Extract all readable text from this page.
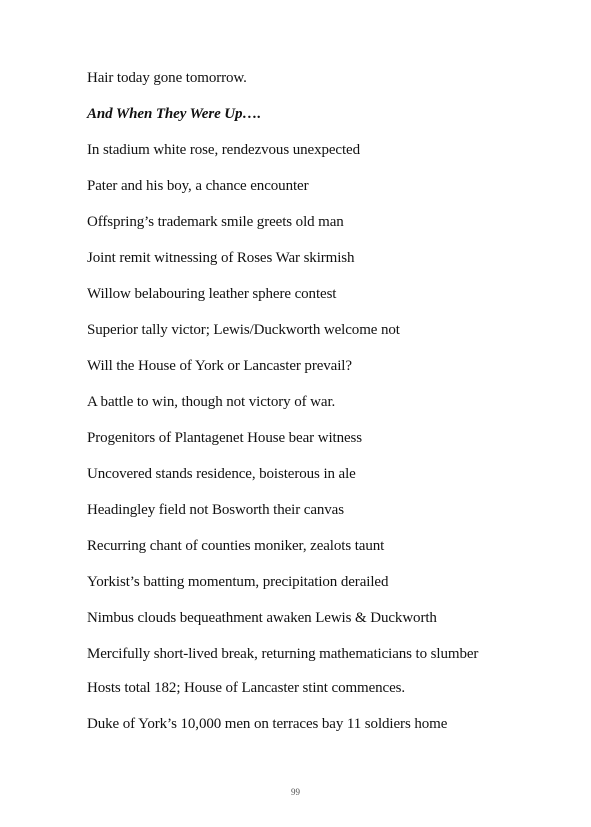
Hair today gone tomorrow.

And When They Were Up….

In stadium white rose, rendezvous unexpected

Pater and his boy, a chance encounter

Offspring’s trademark smile greets old man

Joint remit witnessing of Roses War skirmish

Willow belabouring leather sphere contest

Superior tally victor; Lewis/Duckworth welcome not

Will the House of York or Lancaster prevail?

A battle to win, though not victory of war.

Progenitors of Plantagenet House bear witness

Uncovered stands residence, boisterous in ale

Headingley field not Bosworth their canvas

Recurring chant of counties moniker, zealots taunt

Yorkist’s batting momentum, precipitation derailed

Nimbus clouds bequeathment awaken Lewis & Duckworth

Mercifully short-lived break, returning mathematicians to slumber

Hosts total 182; House of Lancaster stint commences.

Duke of York’s 10,000 men on terraces bay 11 soldiers home

99
